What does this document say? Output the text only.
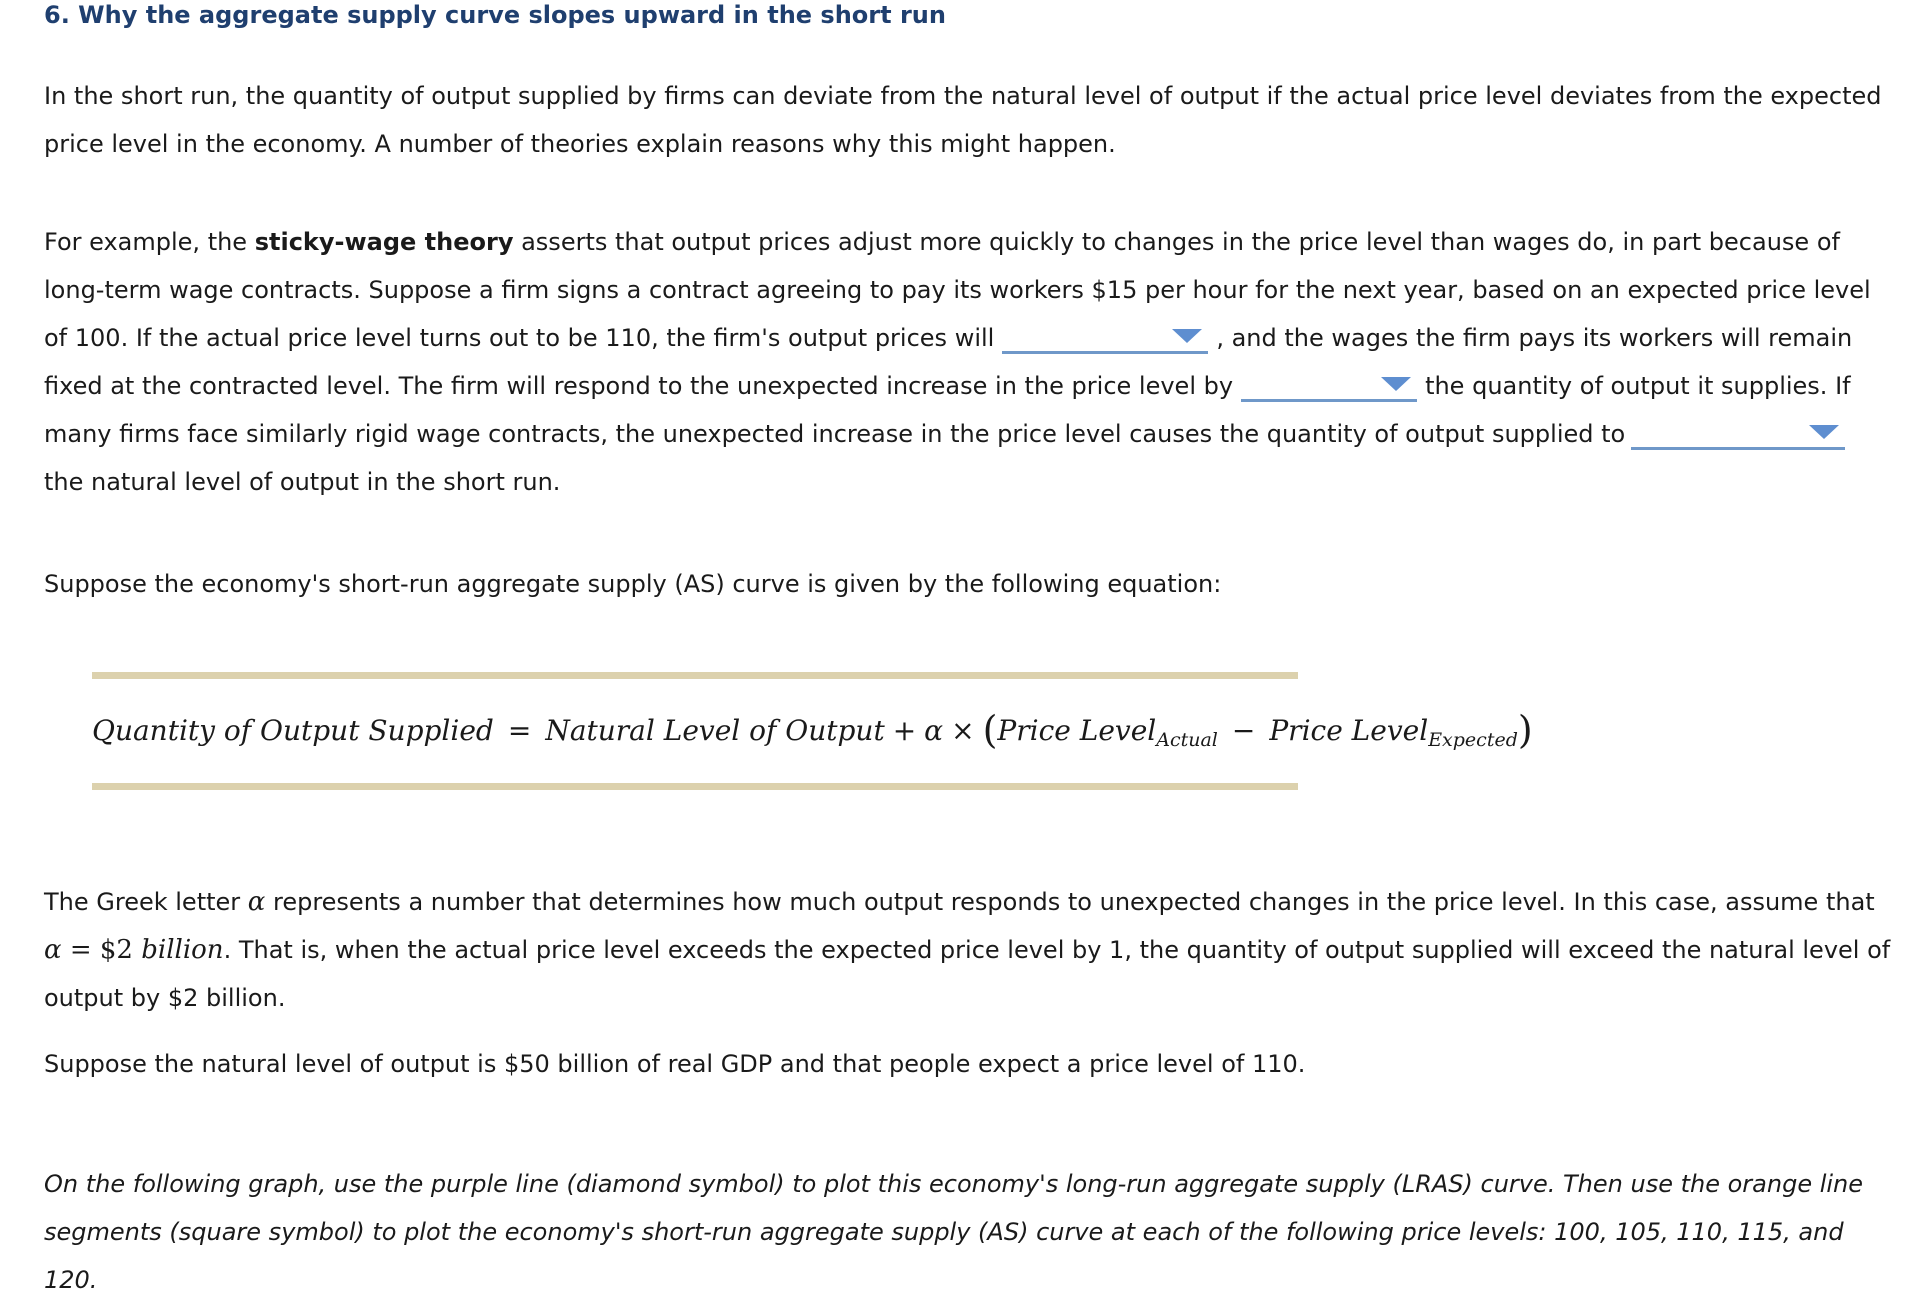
6. Why the aggregate supply curve slopes upward in the short run

In the short run, the quantity of output supplied by firms can deviate from the natural level of output if the actual price level deviates from the expected price level in the economy. A number of theories explain reasons why this might happen.

For example, the sticky-wage theory asserts that output prices adjust more quickly to changes in the price level than wages do, in part because of long-term wage contracts. Suppose a firm signs a contract agreeing to pay its workers $15 per hour for the next year, based on an expected price level of 100. If the actual price level turns out to be 110, the firm's output prices will	, and the wages the firm pays its workers will remain fixed at the contracted level. The firm will respond to the unexpected increase in the price level by	the quantity of output it supplies. If many firms face similarly rigid wage contracts, the unexpected increase in the price level causes the quantity of output supplied to
the natural level of output in the short run.

Suppose the economy's short-run aggregate supply (AS) curve is given by the following equation:

Quantity of Output Supplied = Natural Level of Output + α × (Price Level$_{Actual}$ − Price Level$_{Expected}$)

The Greek letter α represents a number that determines how much output responds to unexpected changes in the price level. In this case, assume that α = $2 billion. That is, when the actual price level exceeds the expected price level by 1, the quantity of output supplied will exceed the natural level of output by $2 billion.

Suppose the natural level of output is $50 billion of real GDP and that people expect a price level of 110.

On the following graph, use the purple line (diamond symbol) to plot this economy's long-run aggregate supply (LRAS) curve. Then use the orange line segments (square symbol) to plot the economy's short-run aggregate supply (AS) curve at each of the following price levels: 100, 105, 110, 115, and 120.
